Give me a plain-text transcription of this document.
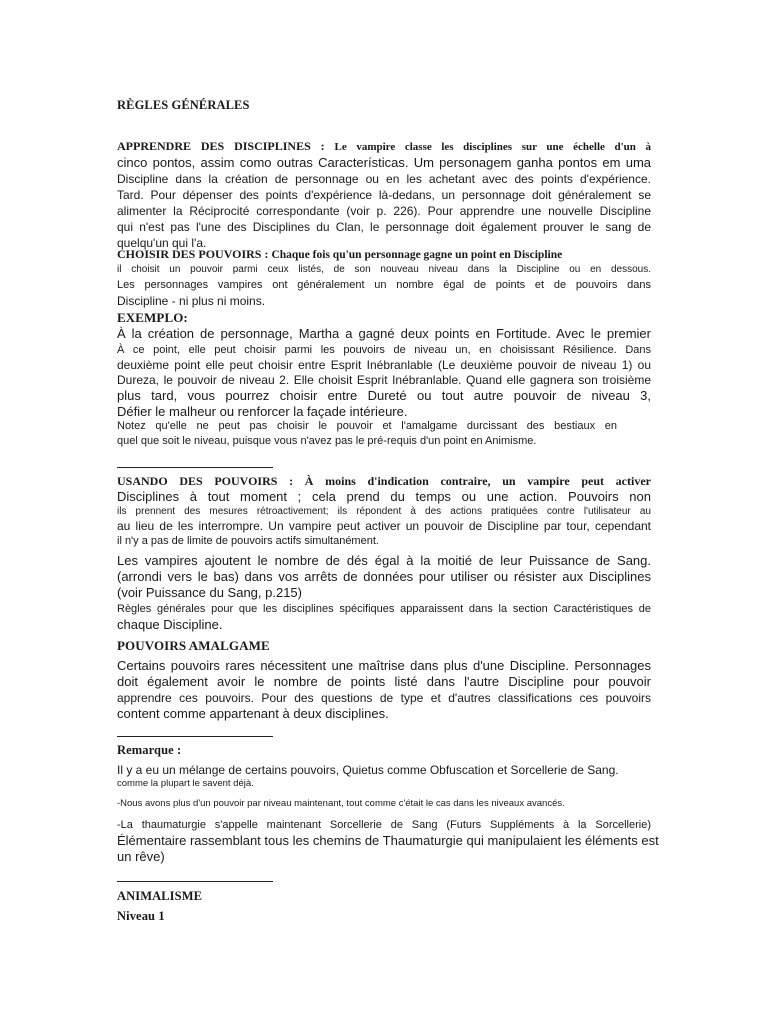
RÈGLES GÉNÉRALES
APPRENDRE DES DISCIPLINES : Le vampire classe les disciplines sur une échelle d'un à
cinco pontos, assim como outras Características. Um personagem ganha pontos em uma
Discipline dans la création de personnage ou en les achetant avec des points d'expérience.
Tard. Pour dépenser des points d'expérience là-dedans, un personnage doit généralement se
alimenter la Réciprocité correspondante (voir p. 226). Pour apprendre une nouvelle Discipline
qui n'est pas l'une des Disciplines du Clan, le personnage doit également prouver le sang de
quelqu'un qui l'a.
CHOISIR DES POUVOIRS : Chaque fois qu'un personnage gagne un point en Discipline
il choisit un pouvoir parmi ceux listés, de son nouveau niveau dans la Discipline ou en dessous.
Les personnages vampires ont généralement un nombre égal de points et de pouvoirs dans
Discipline - ni plus ni moins.
EXEMPLO:
À la création de personnage, Martha a gagné deux points en Fortitude. Avec le premier
À ce point, elle peut choisir parmi les pouvoirs de niveau un, en choisissant Résilience. Dans
deuxième point elle peut choisir entre Esprit Inébranlable (Le deuxième pouvoir de niveau 1) ou
Dureza, le pouvoir de niveau 2. Elle choisit Esprit Inébranlable. Quand elle gagnera son troisième
plus tard, vous pourrez choisir entre Dureté ou tout autre pouvoir de niveau 3,
Défier le malheur ou renforcer la façade intérieure.
Notez qu'elle ne peut pas choisir le pouvoir et l'amalgame durcissant des bestiaux en
quel que soit le niveau, puisque vous n'avez pas le pré-requis d'un point en Animisme.
USANDO DES POUVOIRS : À moins d'indication contraire, un vampire peut activer
Disciplines à tout moment ; cela prend du temps ou une action. Pouvoirs non
ils prennent des mesures rétroactivement; ils répondent à des actions pratiquées contre l'utilisateur au
au lieu de les interrompre. Un vampire peut activer un pouvoir de Discipline par tour, cependant
il n'y a pas de limite de pouvoirs actifs simultanément.
Les vampires ajoutent le nombre de dés égal à la moitié de leur Puissance de Sang.
(arrondi vers le bas) dans vos arrêts de données pour utiliser ou résister aux Disciplines
(voir Puissance du Sang, p.215)
Règles générales pour que les disciplines spécifiques apparaissent dans la section Caractéristiques de
chaque Discipline.
POUVOIRS AMALGAME
Certains pouvoirs rares nécessitent une maîtrise dans plus d'une Discipline. Personnages
doit également avoir le nombre de points listé dans l'autre Discipline pour pouvoir
apprendre ces pouvoirs. Pour des questions de type et d'autres classifications ces pouvoirs
content comme appartenant à deux disciplines.
Remarque :
Il y a eu un mélange de certains pouvoirs, Quietus comme Obfuscation et Sorcellerie de Sang.
comme la plupart le savent déjà.
-Nous avons plus d'un pouvoir par niveau maintenant, tout comme c'était le cas dans les niveaux avancés.
-La thaumaturgie s'appelle maintenant Sorcellerie de Sang (Futurs Suppléments à la Sorcellerie)
Élémentaire rassemblant tous les chemins de Thaumaturgie qui manipulaient les éléments est
un rêve)
ANIMALISME
Niveau 1
